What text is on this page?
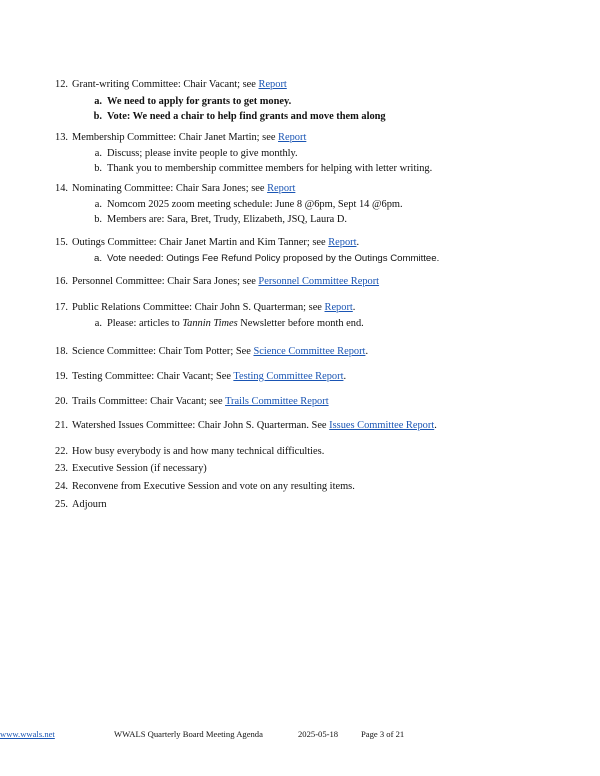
12. Grant-writing Committee: Chair Vacant; see Report
a. We need to apply for grants to get money.
b. Vote: We need a chair to help find grants and move them along
13. Membership Committee: Chair Janet Martin; see Report
a. Discuss; please invite people to give monthly.
b. Thank you to membership committee members for helping with letter writing.
14. Nominating Committee: Chair Sara Jones; see Report
a. Nomcom 2025 zoom meeting schedule: June 8 @6pm, Sept 14 @6pm.
b. Members are: Sara, Bret, Trudy, Elizabeth, JSQ, Laura D.
15. Outings Committee: Chair Janet Martin and Kim Tanner; see Report.
a. Vote needed: Outings Fee Refund Policy proposed by the Outings Committee.
16. Personnel Committee: Chair Sara Jones; see Personnel Committee Report
17. Public Relations Committee: Chair John S. Quarterman; see Report.
a. Please: articles to Tannin Times Newsletter before month end.
18. Science Committee: Chair Tom Potter; See Science Committee Report.
19. Testing Committee: Chair Vacant; See Testing Committee Report.
20. Trails Committee: Chair Vacant; see Trails Committee Report
21. Watershed Issues Committee: Chair John S. Quarterman. See Issues Committee Report.
22. How busy everybody is and how many technical difficulties.
23. Executive Session (if necessary)
24. Reconvene from Executive Session and vote on any resulting items.
25. Adjourn
WWALS Quarterly Board Meeting Agenda	2025-05-18	Page 3 of 21
www.wwals.net
